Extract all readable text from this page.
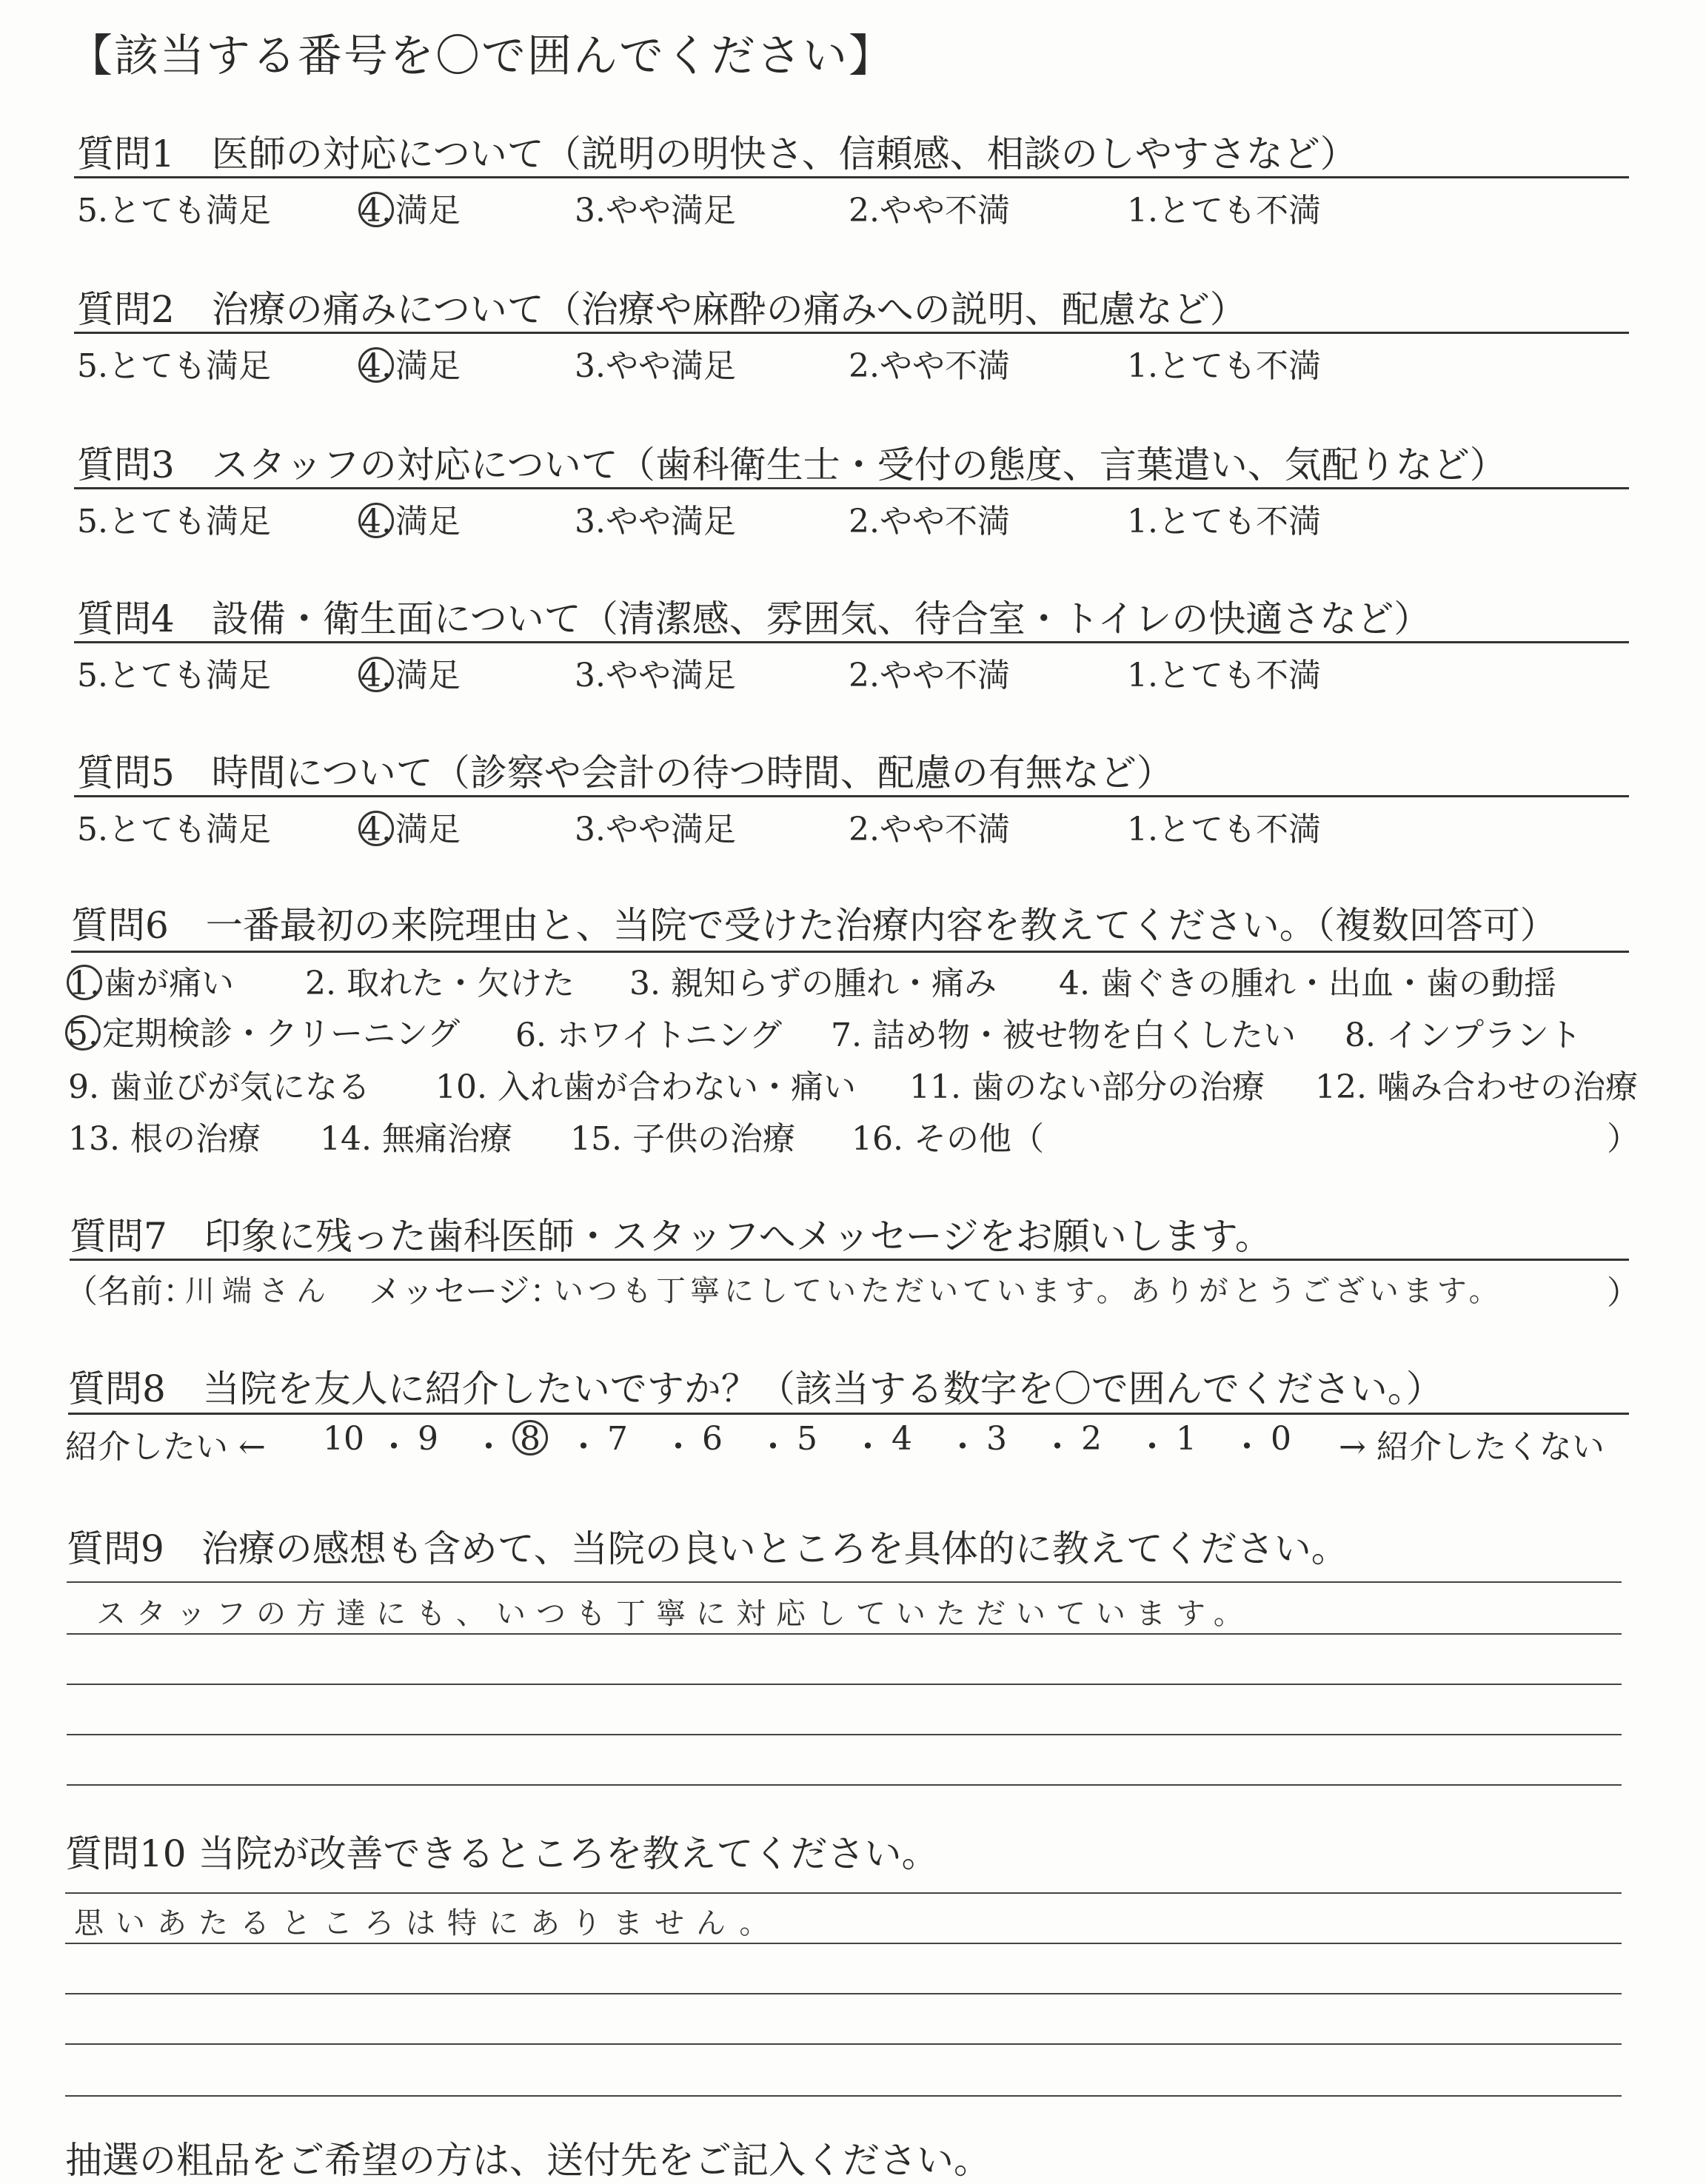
【該当する番号を〇で囲んでください】
質問1　医師の対応について（説明の明快さ、信頼感、相談のしやすさなど）
5.とても満足	4. 満足	3.やや満足	2.やや不満	1.とても不満
質問2　治療の痛みについて（治療や麻酔の痛みへの説明、配慮など）
5.とても満足	4. 満足	3.やや満足	2.やや不満	1.とても不満
質問3　スタッフの対応について（歯科衛生士・受付の態度、言葉遣い、気配りなど）
5.とても満足	4. 満足	3.やや満足	2.やや不満	1.とても不満
質問4　設備・衛生面について（清潔感、雰囲気、待合室・トイレの快適さなど）
5.とても満足	4. 満足	3.やや満足	2.やや不満	1.とても不満
質問5　時間について（診察や会計の待つ時間、配慮の有無など）
5.とても満足	4. 満足	3.やや満足	2.やや不満	1.とても不満
質問6　一番最初の来院理由と、当院で受けた治療内容を教えてください。（複数回答可）
1. 歯が痛い 2. 取れた・欠けた 3. 親知らずの腫れ・痛み 4. 歯ぐきの腫れ・出血・歯の動揺
5. 定期検診・クリーニング 6. ホワイトニング 7. 詰め物・被せ物を白くしたい 8. インプラント
9. 歯並びが気になる 10. 入れ歯が合わない・痛い 11. 歯のない部分の治療 12. 噛み合わせの治療
13. 根の治療 14. 無痛治療 15. 子供の治療 16. その他（	）
質問7　印象に残った歯科医師・スタッフへメッセージをお願いします。
（名前：
川端さん メッセージ：
いつも丁寧にしていただいています。ありがとうございます。	）
質問8　当院を友人に紹介したいですか？（該当する数字を〇で囲んでください。）
紹介したい ← 10 ・ 9 ・ 8 ・ 7 ・ 6 ・ 5 ・ 4 ・ 3 ・ 2 ・ 1 ・ 0 → 紹介したくない
質問9　治療の感想も含めて、当院の良いところを具体的に教えてください。
スタッフの方達にも、いつも丁寧に対応していただいています。
質問10 当院が改善できるところを教えてください。
思いあたるところは特にありません。
抽選の粗品をご希望の方は、送付先をご記入ください。
